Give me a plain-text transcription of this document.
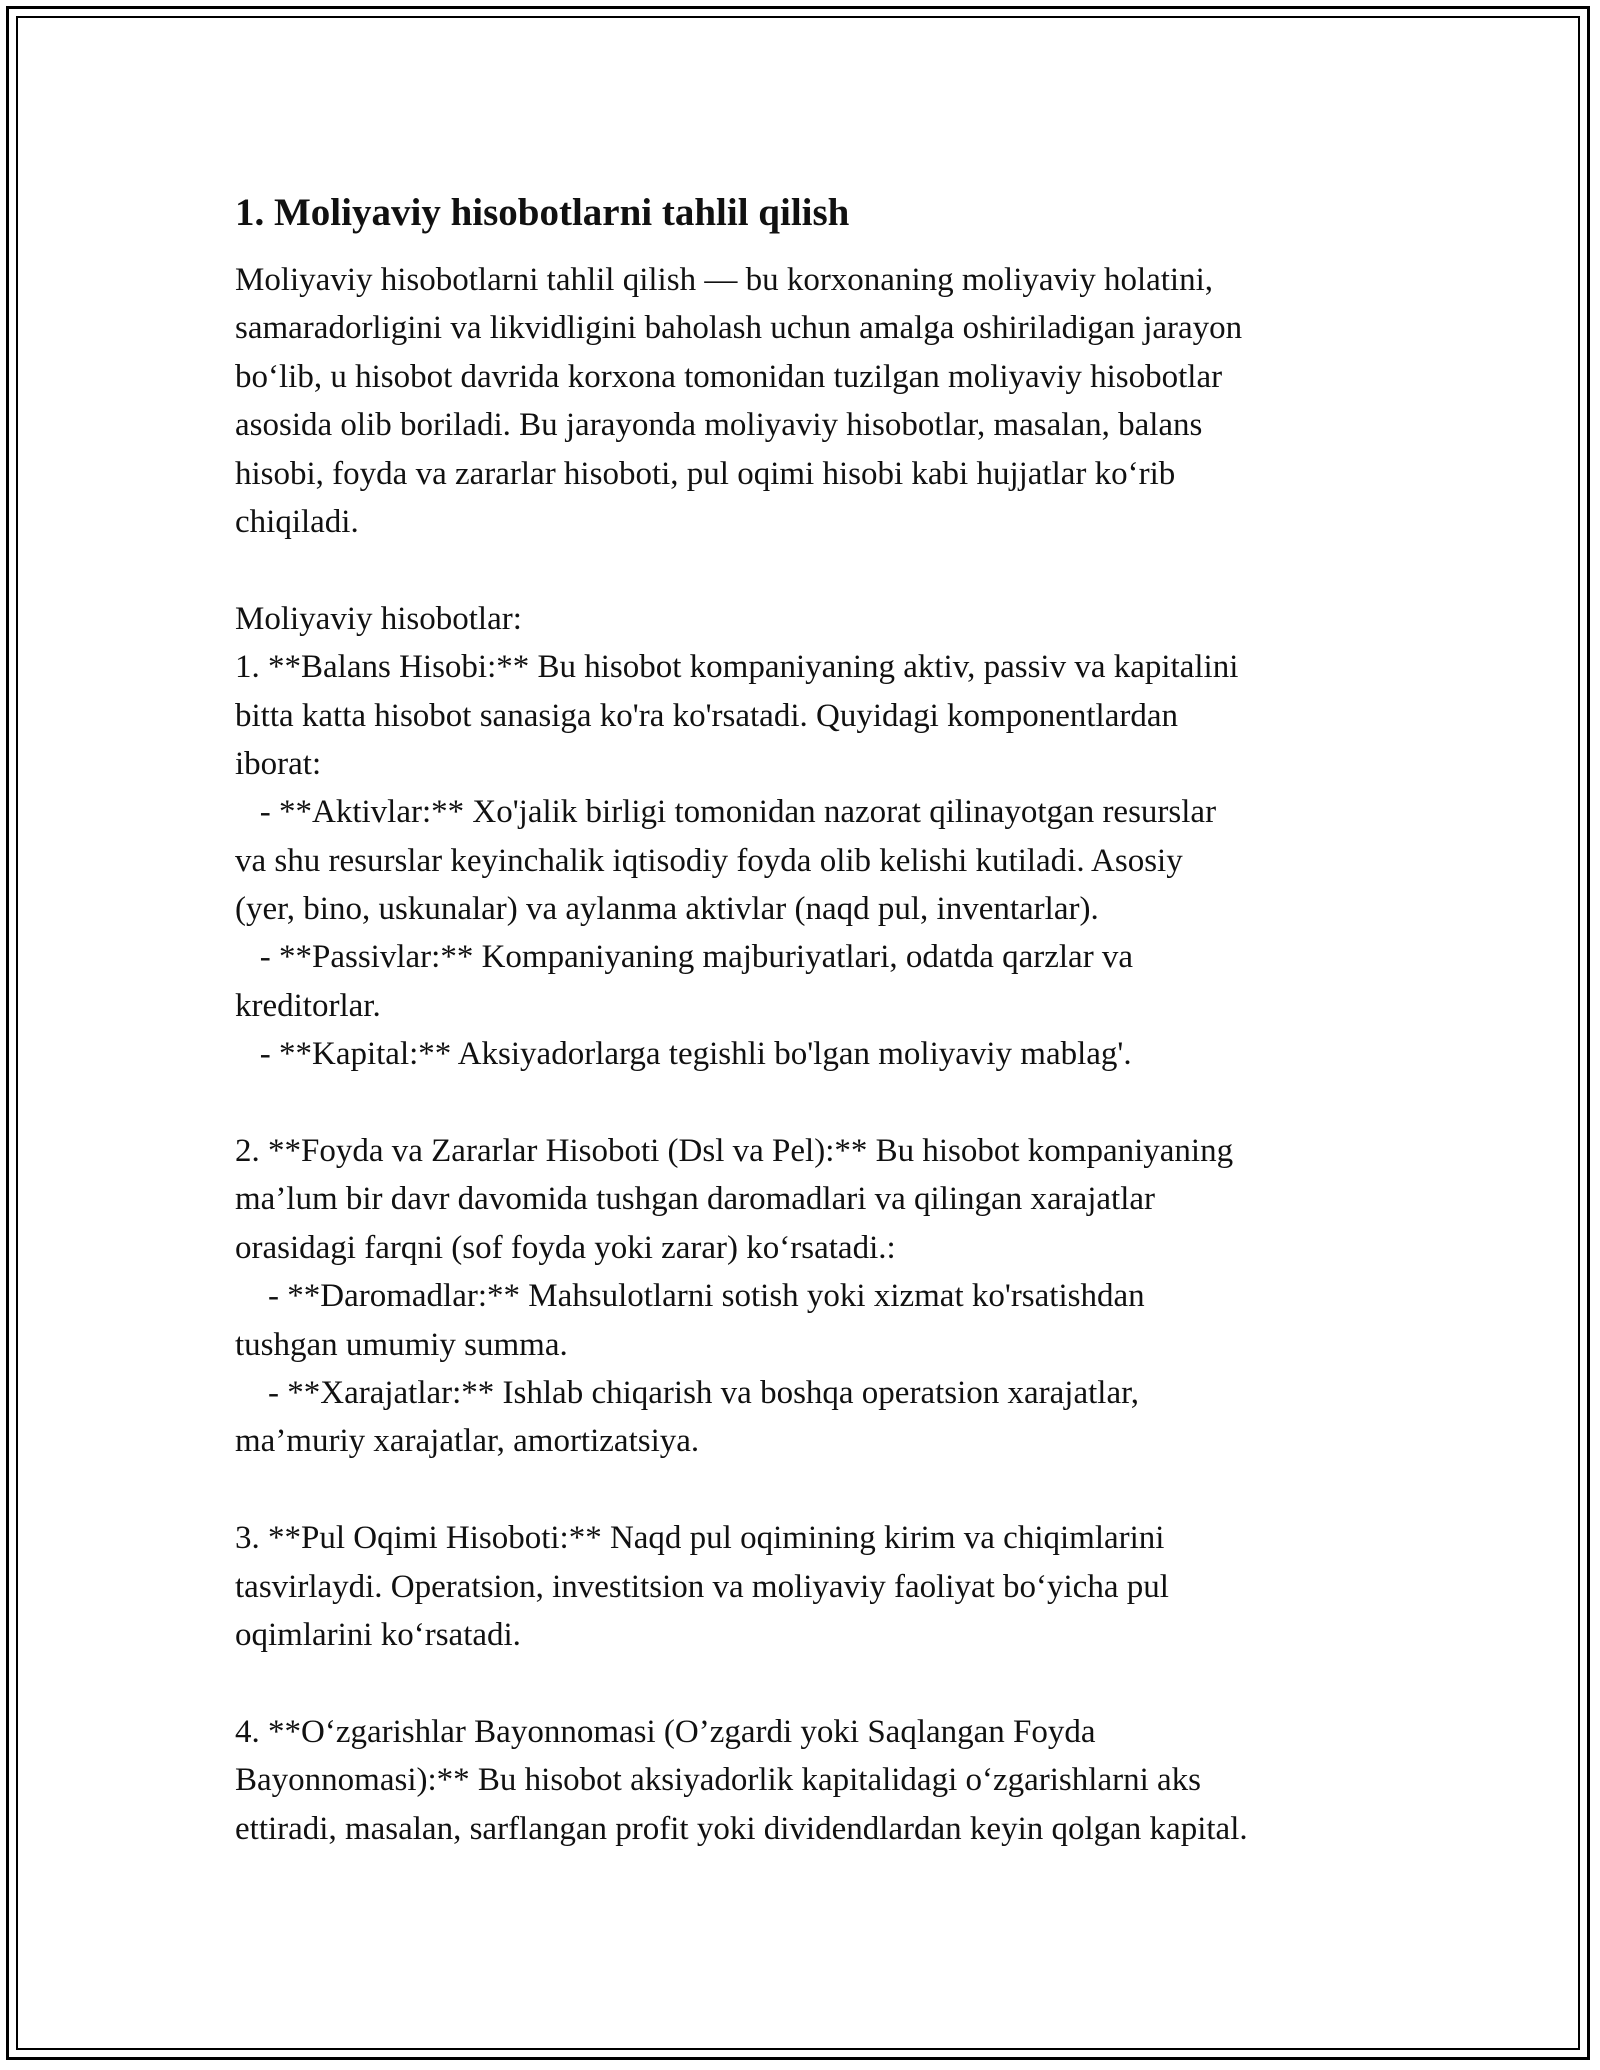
1. Moliyaviy hisobotlarni tahlil qilish
Moliyaviy hisobotlarni tahlil qilish — bu korxonaning moliyaviy holatini,
samaradorligini va likvidligini baholash uchun amalga oshiriladigan jarayon
bo‘lib, u hisobot davrida korxona tomonidan tuzilgan moliyaviy hisobotlar
asosida olib boriladi. Bu jarayonda moliyaviy hisobotlar, masalan, balans
hisobi, foyda va zararlar hisoboti, pul oqimi hisobi kabi hujjatlar ko‘rib
chiqiladi.
Moliyaviy hisobotlar:
1. **Balans Hisobi:** Bu hisobot kompaniyaning aktiv, passiv va kapitalini
bitta katta hisobot sanasiga ko'ra ko'rsatadi. Quyidagi komponentlardan
iborat:
- **Aktivlar:** Xo'jalik birligi tomonidan nazorat qilinayotgan resurslar
va shu resurslar keyinchalik iqtisodiy foyda olib kelishi kutiladi. Asosiy
(yer, bino, uskunalar) va aylanma aktivlar (naqd pul, inventarlar).
- **Passivlar:** Kompaniyaning majburiyatlari, odatda qarzlar va
kreditorlar.
- **Kapital:** Aksiyadorlarga tegishli bo'lgan moliyaviy mablag'.
2. **Foyda va Zararlar Hisoboti (Dsl va Pel):** Bu hisobot kompaniyaning
ma’lum bir davr davomida tushgan daromadlari va qilingan xarajatlar
orasidagi farqni (sof foyda yoki zarar) ko‘rsatadi.:
- **Daromadlar:** Mahsulotlarni sotish yoki xizmat ko'rsatishdan
tushgan umumiy summa.
- **Xarajatlar:** Ishlab chiqarish va boshqa operatsion xarajatlar,
ma’muriy xarajatlar, amortizatsiya.
3. **Pul Oqimi Hisoboti:** Naqd pul oqimining kirim va chiqimlarini
tasvirlaydi. Operatsion, investitsion va moliyaviy faoliyat bo‘yicha pul
oqimlarini ko‘rsatadi.
4. **O‘zgarishlar Bayonnomasi (O’zgardi yoki Saqlangan Foyda
Bayonnomasi):** Bu hisobot aksiyadorlik kapitalidagi o‘zgarishlarni aks
ettiradi, masalan, sarflangan profit yoki dividendlardan keyin qolgan kapital.
